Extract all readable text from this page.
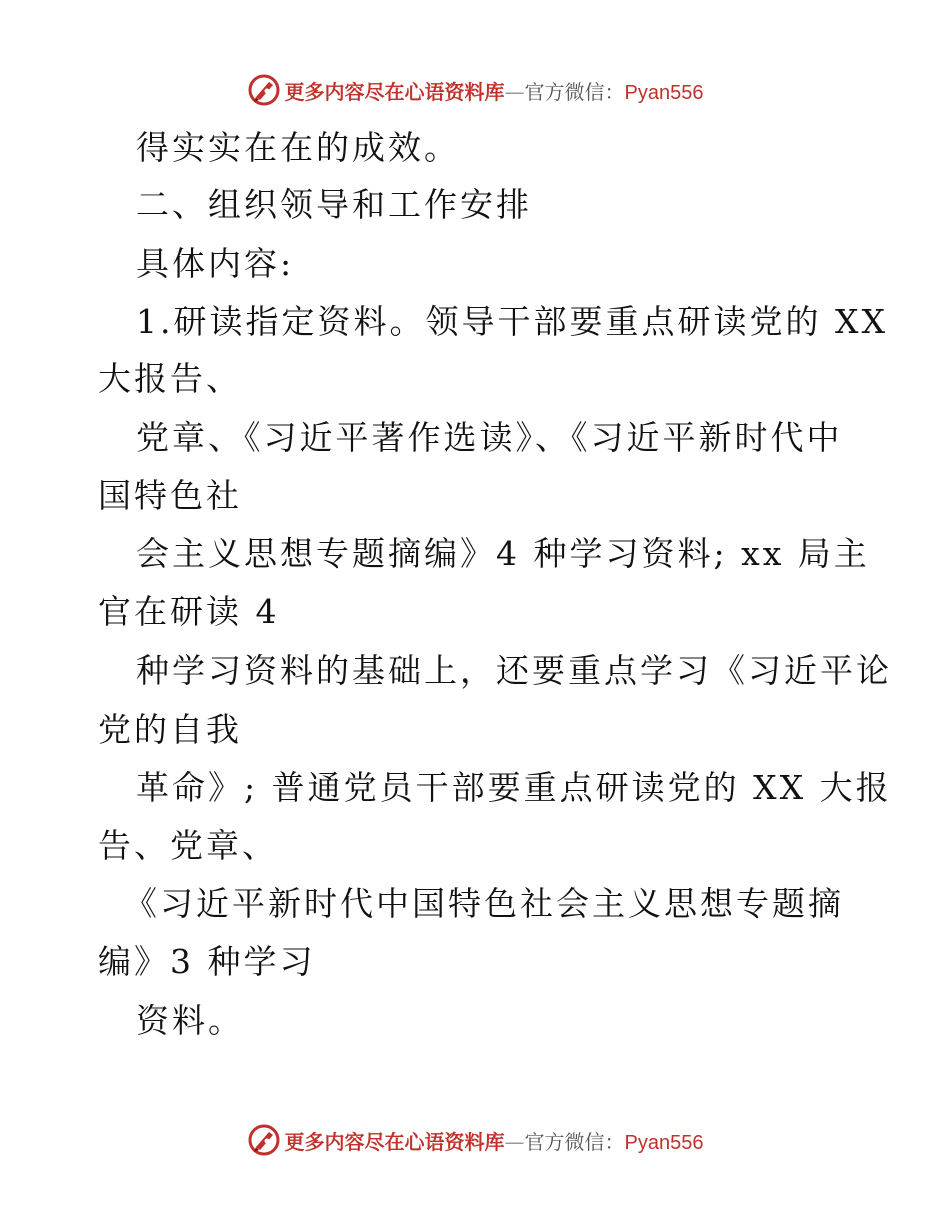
更多内容尽在心语资料库—官方微信：Pyan556
得实实在在的成效。
二、组织领导和工作安排
具体内容:
1.研读指定资料。领导干部要重点研读党的 XX
大报告、
党章、《习近平著作选读》、《习近平新时代中
国特色社
会主义思想专题摘编》4 种学习资料; xx 局主
官在研读 4
种学习资料的基础上，还要重点学习《习近平论
党的自我
革命》; 普通党员干部要重点研读党的 XX 大报
告、党章、
《习近平新时代中国特色社会主义思想专题摘
编》3 种学习
资料。
更多内容尽在心语资料库—官方微信：Pyan556
